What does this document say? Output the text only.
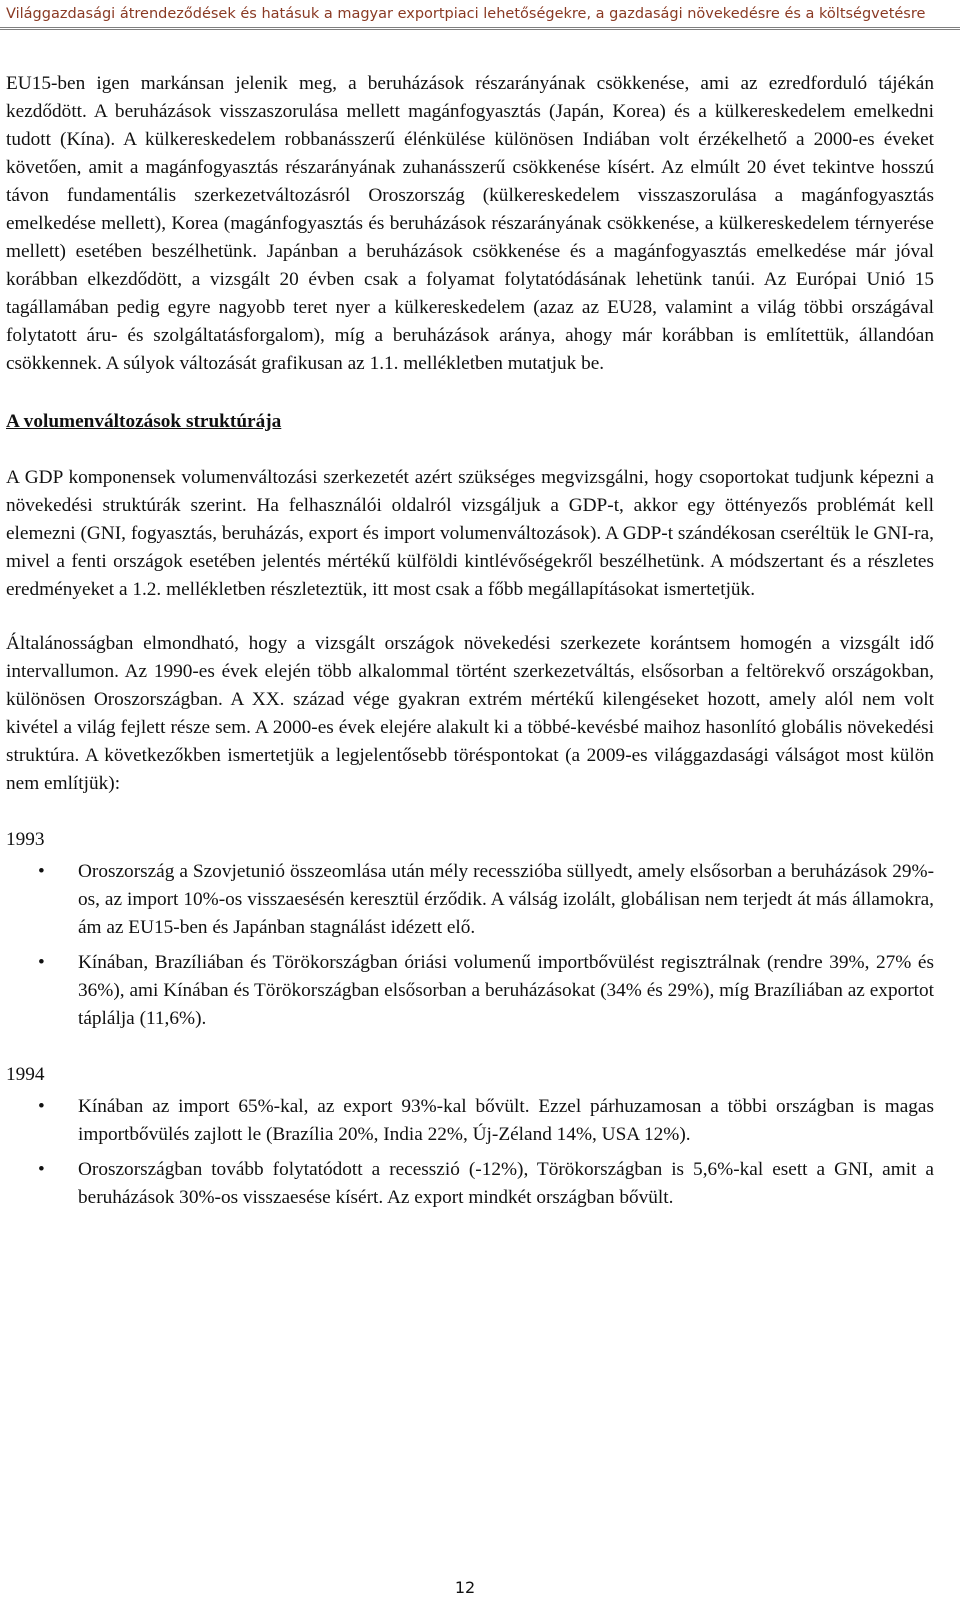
Világgazdasági átrendeződések és hatásuk a magyar exportpiaci lehetőségekre, a gazdasági növekedésre és a költségvetésre

EU15-ben igen markánsan jelenik meg, a beruházások részarányának csökkenése, ami az ezredforduló tájékán kezdődött. A beruházások visszaszorulása mellett magánfogyasztás (Japán, Korea) és a külkereskedelem emelkedni tudott (Kína). A külkereskedelem robbanásszerű élénkülése különösen Indiában volt érzékelhető a 2000-es éveket követően, amit a magánfogyasztás részarányának zuhanásszerű csökkenése kísért. Az elmúlt 20 évet tekintve hosszú távon fundamentális szerkezetváltozásról Oroszország (külkereskedelem visszaszorulása a magánfogyasztás emelkedése mellett), Korea (magánfogyasztás és beruházások részarányának csökkenése, a külkereskedelem térnyerése mellett) esetében beszélhetünk. Japánban a beruházások csökkenése és a magánfogyasztás emelkedése már jóval korábban elkezdődött, a vizsgált 20 évben csak a folyamat folytatódásának lehetünk tanúi. Az Európai Unió 15 tagállamában pedig egyre nagyobb teret nyer a külkereskedelem (azaz az EU28, valamint a világ többi országával folytatott áru- és szolgáltatásforgalom), míg a beruházások aránya, ahogy már korábban is említettük, állandóan csökkennek. A súlyok változását grafikusan az 1.1. mellékletben mutatjuk be.

A volumenváltozások struktúrája

A GDP komponensek volumenváltozási szerkezetét azért szükséges megvizsgálni, hogy csoportokat tudjunk képezni a növekedési struktúrák szerint. Ha felhasználói oldalról vizsgáljuk a GDP-t, akkor egy öttényezős problémát kell elemezni (GNI, fogyasztás, beruházás, export és import volumenváltozások). A GDP-t szándékosan cseréltük le GNI-ra, mivel a fenti országok esetében jelentés mértékű külföldi kintlévőségekről beszélhetünk. A módszertant és a részletes eredményeket a 1.2. mellékletben részleteztük, itt most csak a főbb megállapításokat ismertetjük.

Általánosságban elmondható, hogy a vizsgált országok növekedési szerkezete korántsem homogén a vizsgált idő intervallumon. Az 1990-es évek elején több alkalommal történt szerkezetváltás, elsősorban a feltörekvő országokban, különösen Oroszországban. A XX. század vége gyakran extrém mértékű kilengéseket hozott, amely alól nem volt kivétel a világ fejlett része sem. A 2000-es évek elejére alakult ki a többé-kevésbé maihoz hasonlító globális növekedési struktúra. A következőkben ismertetjük a legjelentősebb töréspontokat (a 2009-es világgazdasági válságot most külön nem említjük):

1993
• Oroszország a Szovjetunió összeomlása után mély recesszióba süllyedt, amely elsősorban a beruházások 29%-os, az import 10%-os visszaesésén keresztül érződik. A válság izolált, globálisan nem terjedt át más államokra, ám az EU15-ben és Japánban stagnálást idézett elő.

• Kínában, Brazíliában és Törökországban óriási volumenű importbővülést regisztrálnak (rendre 39%, 27% és 36%), ami Kínában és Törökországban elsősorban a beruházásokat (34% és 29%), míg Brazíliában az exportot táplálja (11,6%).

1994
• Kínában az import 65%-kal, az export 93%-kal bővült. Ezzel párhuzamosan a többi országban is magas importbővülés zajlott le (Brazília 20%, India 22%, Új-Zéland 14%, USA 12%).

• Oroszországban tovább folytatódott a recesszió (-12%), Törökországban is 5,6%-kal esett a GNI, amit a beruházások 30%-os visszaesése kísért. Az export mindkét országban bővült.

12
